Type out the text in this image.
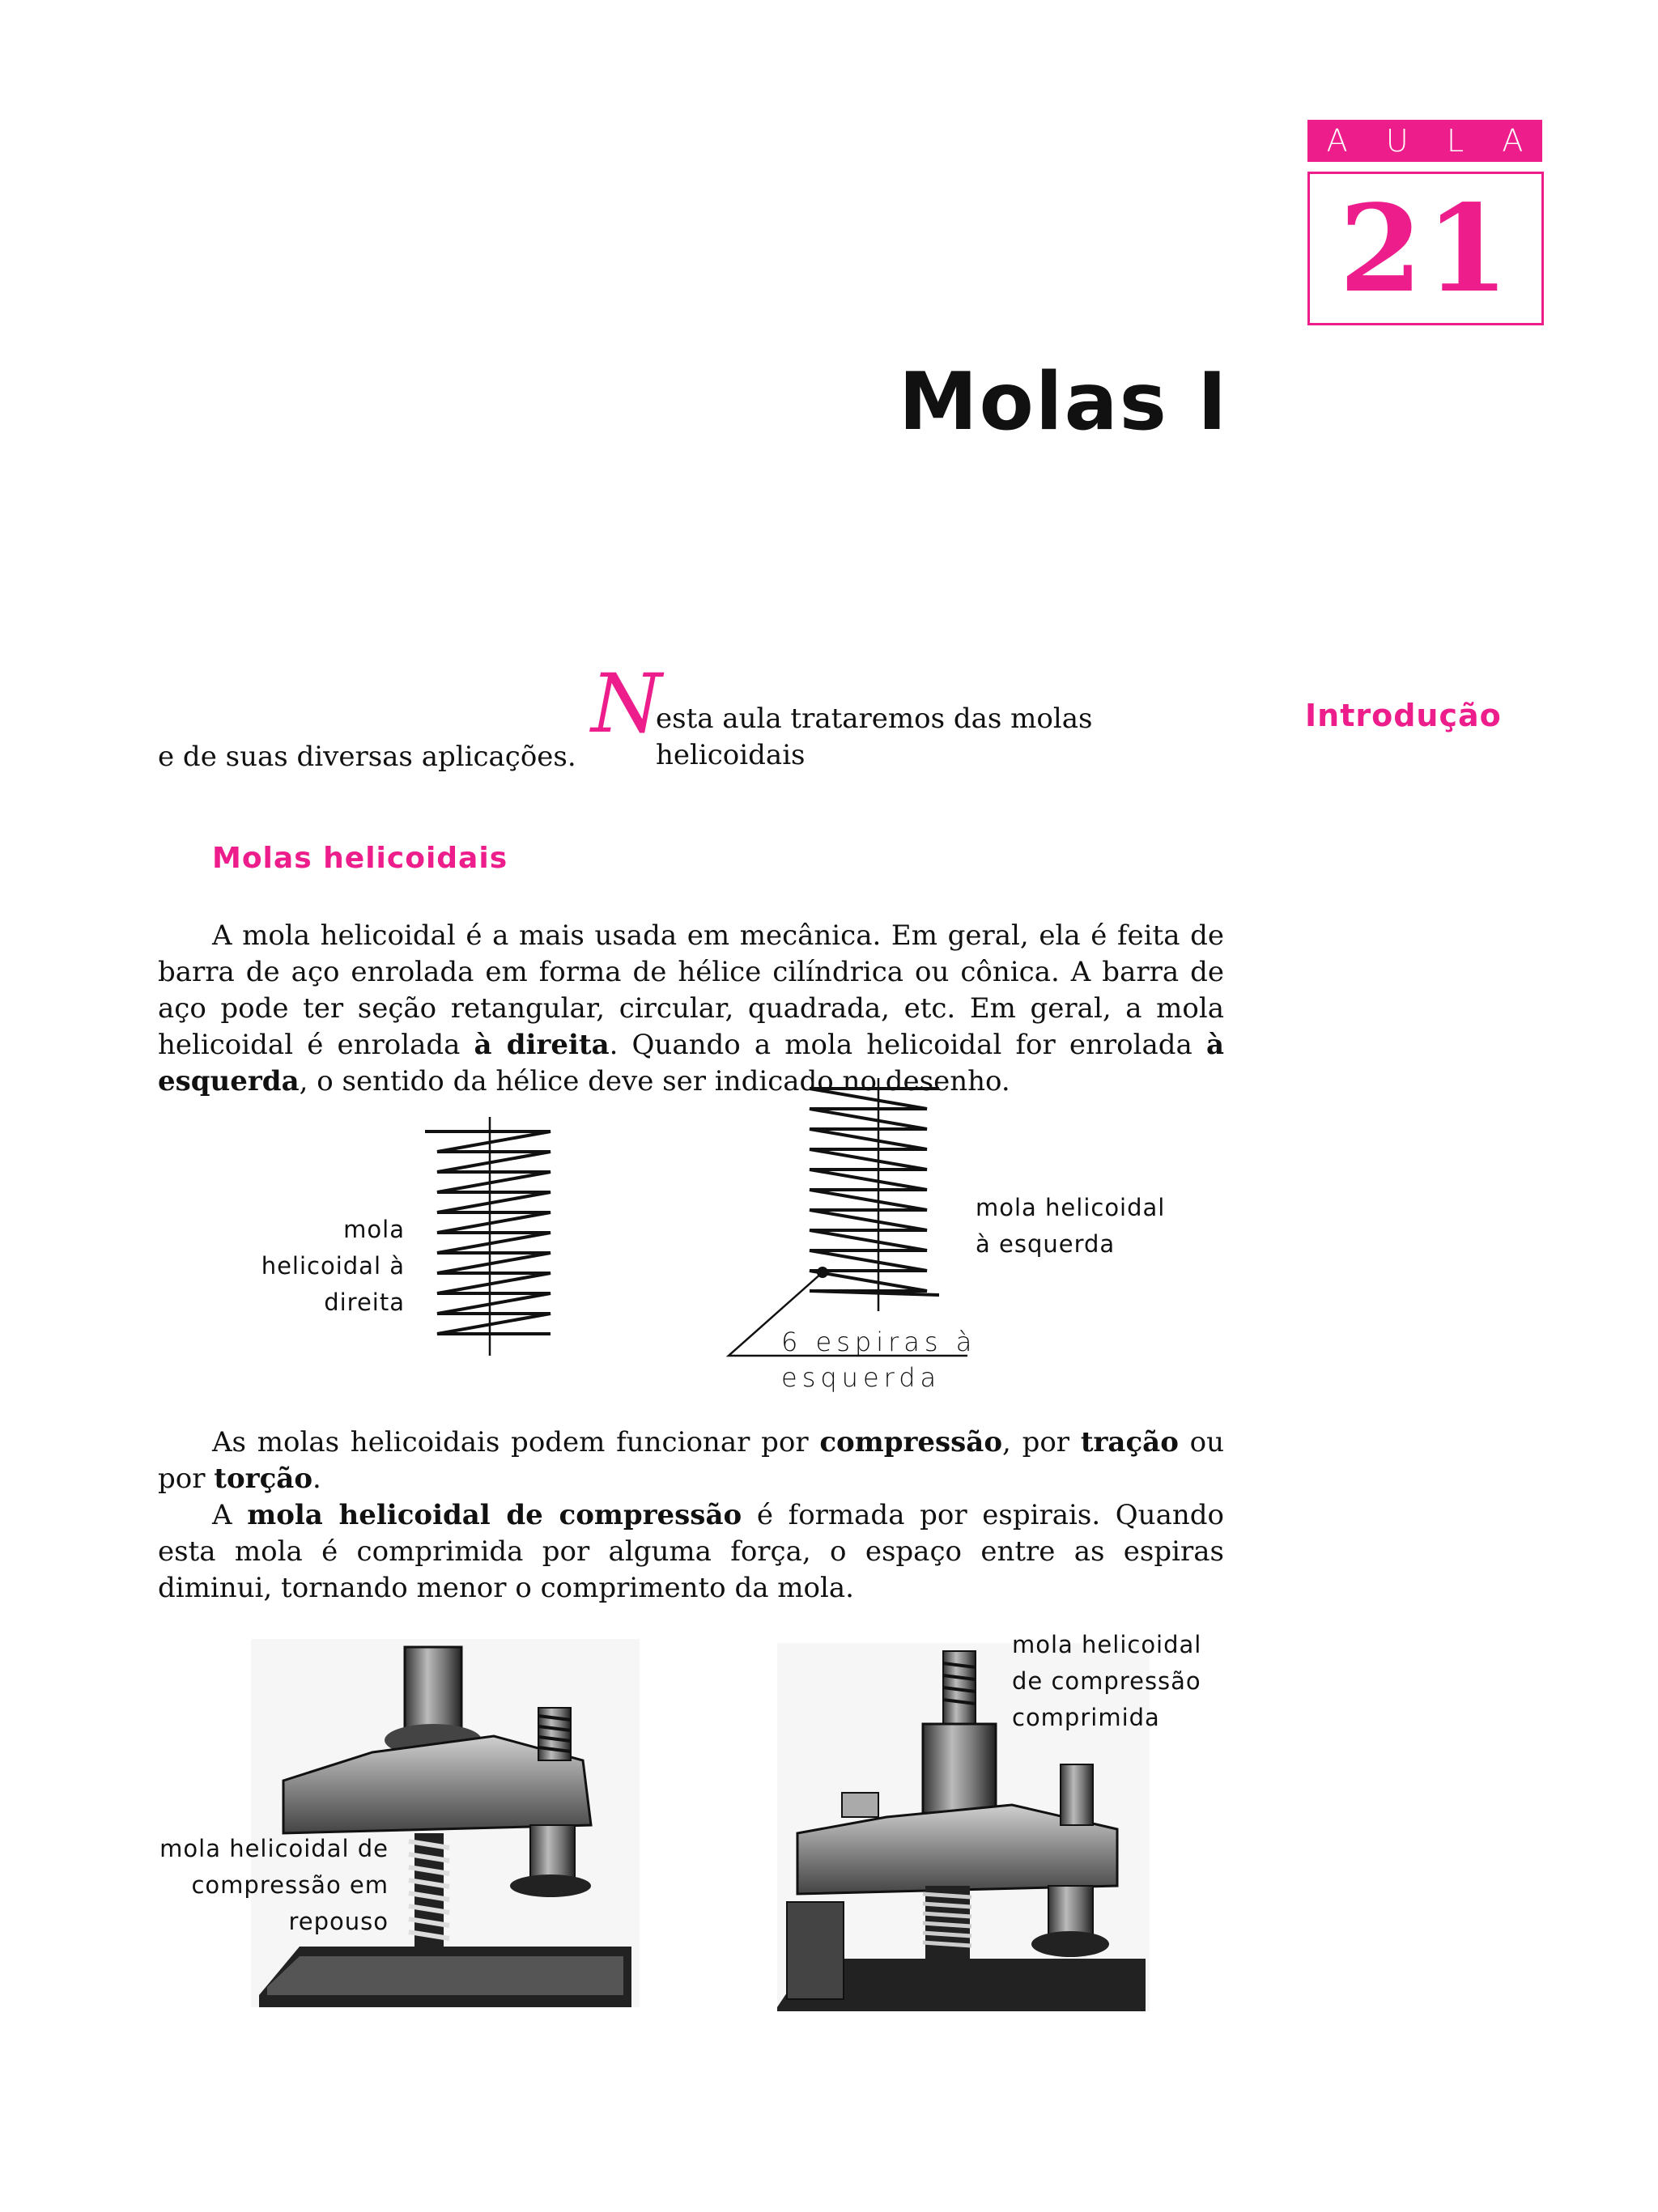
A U L A
21
Molas I
Introdução
N
esta aula trataremos das molas helicoidais
e de suas diversas aplicações.
Molas helicoidais

A mola helicoidal é a mais usada em mecânica. Em geral, ela é feita de barra de aço enrolada em forma de hélice cilíndrica ou cônica. A barra de aço pode ter seção retangular, circular, quadrada, etc. Em geral, a mola helicoidal é enrolada à direita. Quando a mola helicoidal for enrolada à esquerda, o sentido da hélice deve ser indicado no desenho.

mola
helicoidal à
direita
mola helicoidal
à esquerda
6 espiras à
esquerda

As molas helicoidais podem funcionar por compressão, por tração ou por torção.

A mola helicoidal de compressão é formada por espirais. Quando esta mola é comprimida por alguma força, o espaço entre as espiras diminui, tornando menor o comprimento da mola.

mola helicoidal de
compressão em
repouso
mola helicoidal
de compressão
comprimida
